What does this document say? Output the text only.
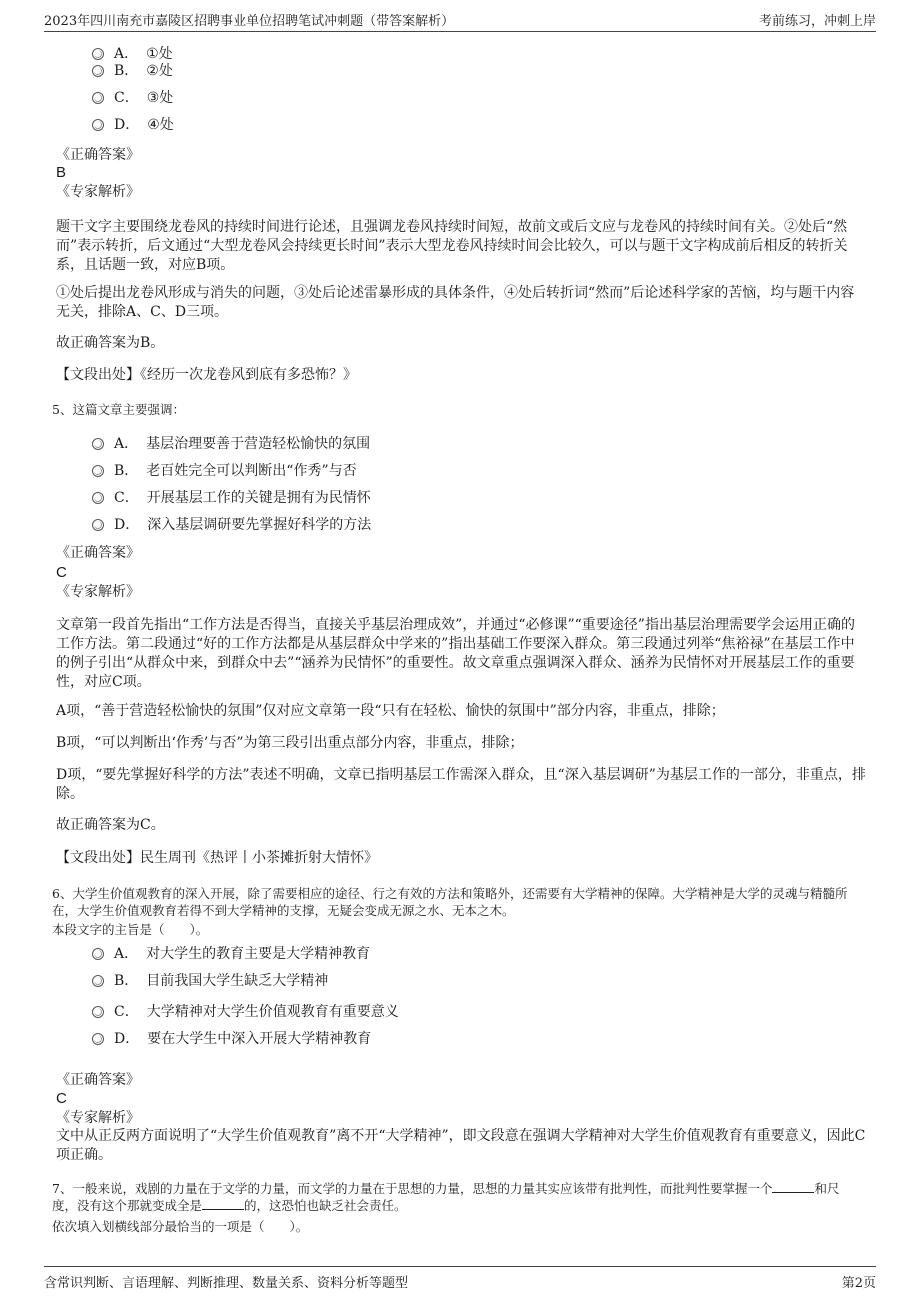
2023年四川南充市嘉陵区招聘事业单位招聘笔试冲刺题（带答案解析）	考前练习，冲刺上岸
A． ①处
B． ②处
C． ③处
D． ④处
《正确答案》
B
《专家解析》
题干文字主要围绕龙卷风的持续时间进行论述，且强调龙卷风持续时间短，故前文或后文应与龙卷风的持续时间有关。②处后“然而”表示转折，后文通过“大型龙卷风会持续更长时间”表示大型龙卷风持续时间会比较久，可以与题干文字构成前后相反的转折关系，且话题一致，对应B项。
①处后提出龙卷风形成与消失的问题，③处后论述雷暴形成的具体条件，④处后转折词“然而”后论述科学家的苦恼，均与题干内容无关，排除A、C、D三项。
故正确答案为B。
【文段出处】《经历一次龙卷风到底有多恐怖？》
5、这篇文章主要强调：
A． 基层治理要善于营造轻松愉快的氛围
B． 老百姓完全可以判断出“作秀”与否
C． 开展基层工作的关键是拥有为民情怀
D． 深入基层调研要先掌握好科学的方法
《正确答案》
C
《专家解析》
文章第一段首先指出“工作方法是否得当，直接关乎基层治理成效”，并通过“必修课”“重要途径”指出基层治理需要学会运用正确的工作方法。第二段通过“好的工作方法都是从基层群众中学来的”指出基础工作要深入群众。第三段通过列举“焦裕禄”在基层工作中的例子引出“从群众中来，到群众中去”“涵养为民情怀”的重要性。故文章重点强调深入群众、涵养为民情怀对开展基层工作的重要性，对应C项。
A项，“善于营造轻松愉快的氛围”仅对应文章第一段“只有在轻松、愉快的氛围中”部分内容，非重点，排除；
B项，“可以判断出‘作秀’与否”为第三段引出重点部分内容，非重点，排除；
D项，“要先掌握好科学的方法”表述不明确，文章已指明基层工作需深入群众，且“深入基层调研”为基层工作的一部分，非重点，排除。
故正确答案为C。
【文段出处】民生周刊《热评丨小茶摊折射大情怀》
6、大学生价值观教育的深入开展，除了需要相应的途径、行之有效的方法和策略外，还需要有大学精神的保障。大学精神是大学的灵魂与精髓所在，大学生价值观教育若得不到大学精神的支撑，无疑会变成无源之水、无本之木。
本段文字的主旨是（　　）。
A． 对大学生的教育主要是大学精神教育
B． 目前我国大学生缺乏大学精神
C． 大学精神对大学生价值观教育有重要意义
D． 要在大学生中深入开展大学精神教育
《正确答案》
C
《专家解析》
文中从正反两方面说明了“大学生价值观教育”离不开“大学精神”，即文段意在强调大学精神对大学生价值观教育有重要意义，因此C项正确。
7、一般来说，戏剧的力量在于文学的力量，而文学的力量在于思想的力量，思想的力量其实应该带有批判性，而批判性要掌握一个	和尺度，没有这个那就变成全是	的，这恐怕也缺乏社会责任。
依次填入划横线部分最恰当的一项是（　　）。
含常识判断、言语理解、判断推理、数量关系、资料分析等题型	第2页
